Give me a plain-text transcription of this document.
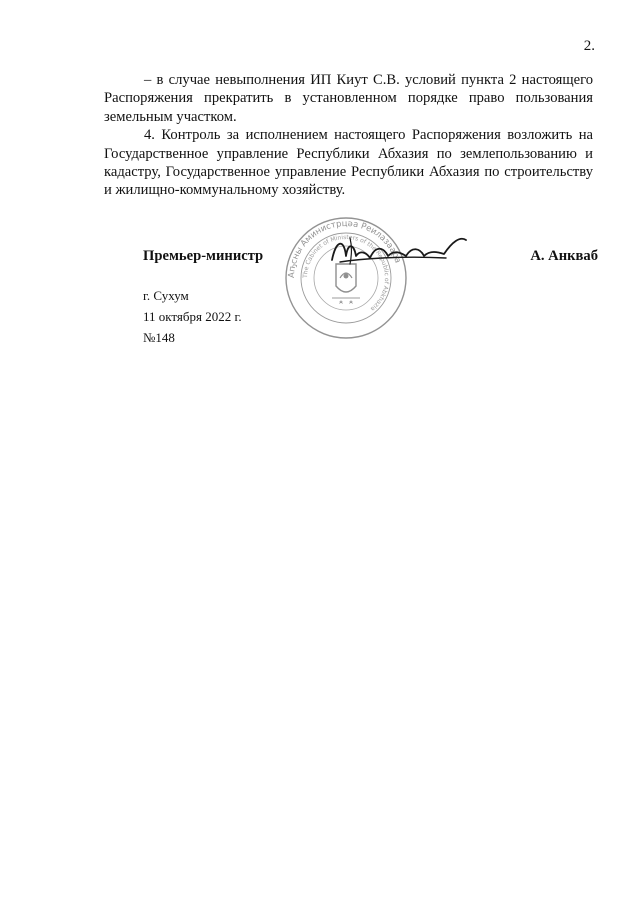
2.

– в случае невыполнения ИП Киут С.В. условий пункта 2 настоящего Распоряжения прекратить в установленном порядке право пользования земельным участком.

4. Контроль за исполнением настоящего Распоряжения возложить на Государственное управление Республики Абхазия по землепользованию и кадастру, Государственное управление Республики Абхазия по строительству и жилищно-коммунальному хозяйству.

Премьер-министр	А. Анкваб
Аҧсны Аминистрцәа Реилазаара
The Cabinet of Ministers of the Republic of Abkhazia
г. Сухум
11 октября 2022 г.
№148
